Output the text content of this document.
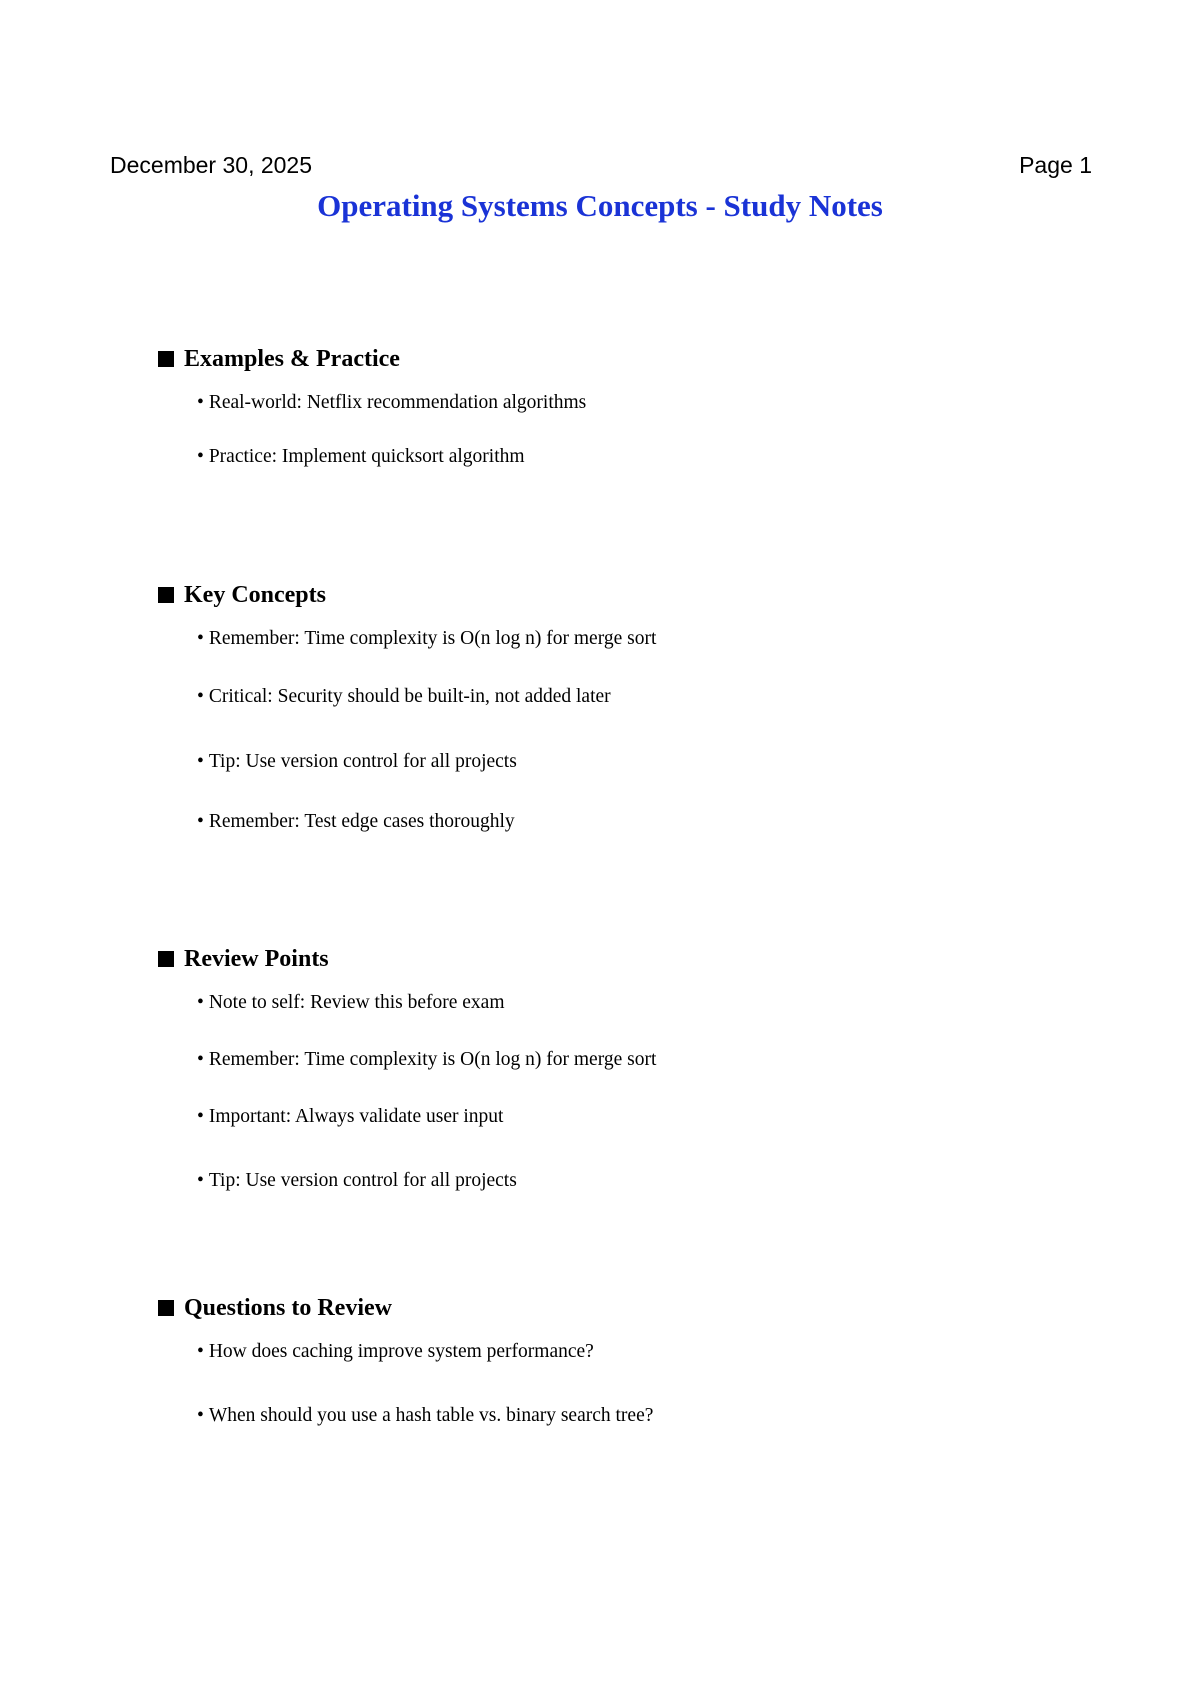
December 30, 2025	Page 1
Operating Systems Concepts - Study Notes
Examples & Practice
• Real-world: Netflix recommendation algorithms
• Practice: Implement quicksort algorithm
Key Concepts
• Remember: Time complexity is O(n log n) for merge sort
• Critical: Security should be built-in, not added later
• Tip: Use version control for all projects
• Remember: Test edge cases thoroughly
Review Points
• Note to self: Review this before exam
• Remember: Time complexity is O(n log n) for merge sort
• Important: Always validate user input
• Tip: Use version control for all projects
Questions to Review
• How does caching improve system performance?
• When should you use a hash table vs. binary search tree?
